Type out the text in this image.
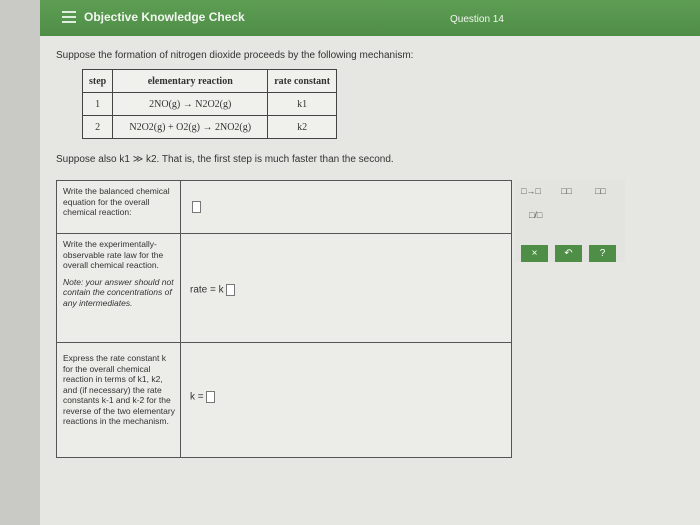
Objective Knowledge Check	Question 14
Suppose the formation of nitrogen dioxide proceeds by the following mechanism:
step	elementary reaction	rate constant
1	2NO(g) → N2O2(g)	k1
2	N2O2(g) + O2(g) → 2NO2(g)	k2
Suppose also k1 ≫ k2. That is, the first step is much faster than the second.
Write the balanced chemical equation for the overall chemical reaction:
Write the experimentally-observable rate law for the overall chemical reaction.
Note: your answer should not contain the concentrations of any intermediates.
rate = k
Express the rate constant k for the overall chemical reaction in terms of k1, k2, and (if necessary) the rate constants k-1 and k-2 for the reverse of the two elementary reactions in the mechanism.
k =
□→□ □□	□□
□/□
×	↶	?
